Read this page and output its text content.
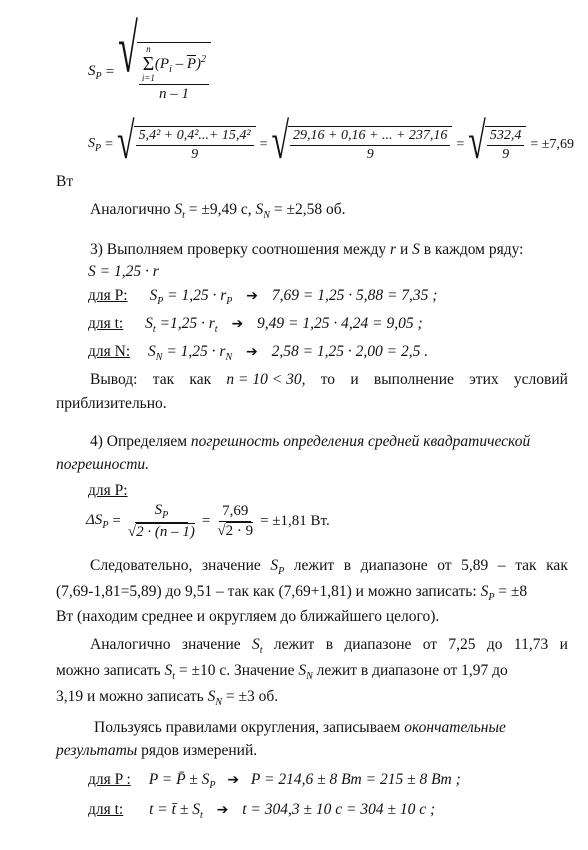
$S_P$ = √ n
Σ
i=1
$(P_i - \overline{P})^2$
n – 1
$S_P$ = √ $\frac{\text{5,4² + 0,4²...+ 15,4²}}{9}$ = √ $\frac{29,16 + 0,16 + ... + 237,16}{9}$ = √ $\frac{532,4}{9} = \pm 7,69$
Вт
Аналогично $S_t = \pm 9,49$ с, $S_N = \pm 2,58$ об.
3) Выполняем проверку соотношения между r и S в каждом ряду:
S = 1,25 · r
для P: $S_P = 1,25 \cdot r_P$ ➔ 7,69 = 1,25 · 5,88 = 7,35 ;
для t: $S_t =1,25 \cdot r_t$ ➔ 9,49 = 1,25 · 4,24 = 9,05 ;
для N: $S_N = 1,25 \cdot r_N$ ➔ 2,58 = 1,25 · 2,00 = 2,5 .
Вывод: так как n = 10 < 30, то и выполнение этих условий
приблизительно.
4) Определяем погрешность определения средней квадратической
погрешности.
для P:
$\Delta S_P = \frac{S_P}{√2 \cdot (n - 1)} = \frac{7,69}{√2 \cdot 9} = \pm 1,81$ Вт.
Следовательно, значение $S_P$ лежит в диапазоне от 5,89 – так как
(7,69-1,81=5,89) до 9,51 – так как (7,69+1,81) и можно записать: $S_P = \pm 8$
Вт (находим среднее и округляем до ближайшего целого).
Аналогично значение $S_t$ лежит в диапазоне от 7,25 до 11,73 и
можно записать $S_t = \pm 10$ с. Значение $S_N$ лежит в диапазоне от 1,97 до
3,19 и можно записать $S_N = \pm 3$ об.
Пользуясь правилами округления, записываем окончательные
результаты рядов измерений.
для P : P = P̄ ± $S_P$ ➔ P = 214,6 ± 8 Bт = 215 ± 8 Bт ;
для t: t = t̄ ± $S_t$ ➔ t = 304,3 ± 10 c = 304 ± 10 c ;
